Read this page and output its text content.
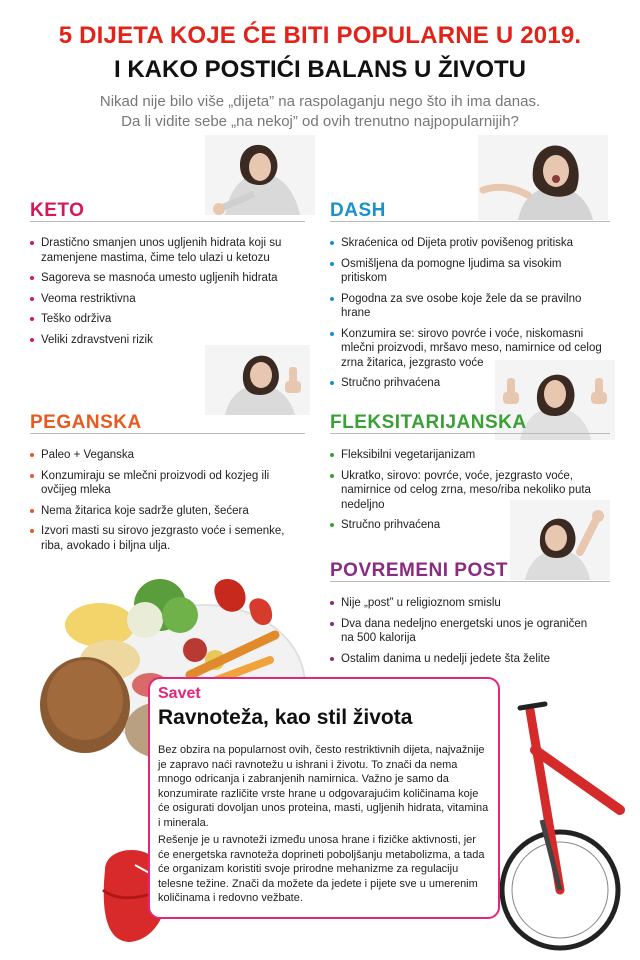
5 DIJETA KOJE ĆE BITI POPULARNE U 2019.
I KAKO POSTIĆI BALANS U ŽIVOTU
Nikad nije bilo više „dijeta” na raspolaganju nego što ih ima danas.
Da li vidite sebe „na nekoj” od ovih trenutno najpopularnijih?
KETO
Drastično smanjen unos ugljenih hidrata koji su zamenjene mastima, čime telo ulazi u ketozu
Sagoreva se masnoća umesto ugljenih hidrata
Veoma restriktivna
Teško održiva
Veliki zdravstveni rizik
DASH
Skraćenica od Dijeta protiv povišenog pritiska
Osmišljena da pomogne ljudima sa visokim pritiskom
Pogodna za sve osobe koje žele da se pravilno hrane
Konzumira se: sirovo povrće i voće, niskomasni mlečni proizvodi, mršavo meso, namirnice od celog zrna žitarica, jezgrasto voće
Stručno prihvaćena
PEGANSKA
Paleo + Veganska
Konzumiraju se mlečni proizvodi od kozjeg ili ovčijeg mleka
Nema žitarica koje sadrže gluten, šećera
Izvori masti su sirovo jezgrasto voće i semenke, riba, avokado i biljna ulja.
FLEKSITARIJANSKA
Fleksibilni vegetarijanizam
Ukratko, sirovo: povrće, voće, jezgrasto voće, namirnice od celog zrna, meso/riba nekoliko puta nedeljno
Stručno prihvaćena
POVREMENI POST
Nije „post” u religioznom smislu
Dva dana nedeljno energetski unos je ograničen na 500 kalorija
Ostalim danima u nedelji jedete šta želite
Savet
Ravnoteža, kao stil života
Bez obzira na popularnost ovih, često restriktivnih dijeta, najvažnije je zapravo naći ravnotežu u ishrani i životu. To znači da nema mnogo odricanja i zabranjenih namirnica. Važno je samo da konzumirate različite vrste hrane u odgovarajućim količinama koje će osigurati dovoljan unos proteina, masti, ugljenih hidrata, vitamina i minerala.
Rešenje je u ravnoteži između unosa hrane i fizičke aktivnosti, jer će energetska ravnoteža doprineti poboljšanju metabolizma, a tada će organizam koristiti svoje prirodne mehanizme za regulaciju telesne težine. Znači da možete da jedete i pijete sve u umerenim količinama i redovno vežbate.
